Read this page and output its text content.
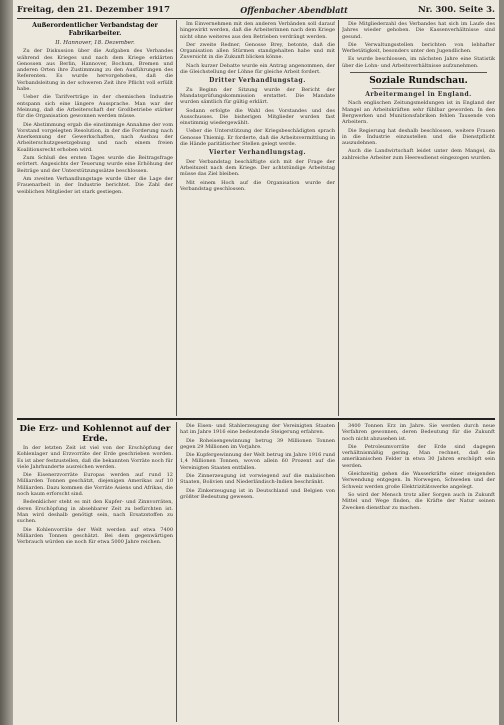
Freitag, den 21. Dezember 1917	Offenbacher Abendblatt	Nr. 300. Seite 3.
Außerordentlicher Verbandstag der Fabrikarbeiter.
II. Hannover, 18. Dezember.

Zu der Diskussion über die Aufgaben des Verbandes während des Krieges und nach dem Kriege erklärten Genossen aus Berlin, Hannover, Bochum, Bremen und anderen Orten ihre Zustimmung zu den Ausführungen des Referenten. Es wurde hervorgehoben, daß die Verbandsleitung in der schweren Zeit ihre Pflicht voll erfüllt habe.

Ueber die Tarifverträge in der chemischen Industrie entspann sich eine längere Aussprache. Man war der Meinung, daß die Arbeiterschaft der Großbetriebe stärker für die Organisation gewonnen werden müsse.

Die Abstimmung ergab die einstimmige Annahme der vom Vorstand vorgelegten Resolution, in der die Forderung nach Anerkennung der Gewerkschaften, nach Ausbau der Arbeiterschutzgesetzgebung und nach einem freien Koalitionsrecht erhoben wird.

Zum Schluß des ersten Tages wurde die Beitragsfrage erörtert. Angesichts der Teuerung wurde eine Erhöhung der Beiträge und der Unterstützungssätze beschlossen.

Am zweiten Verhandlungstage wurde über die Lage der Frauenarbeit in der Industrie berichtet. Die Zahl der weiblichen Mitglieder ist stark gestiegen.

Im Einvernehmen mit den anderen Verbänden soll darauf hingewirkt werden, daß die Arbeiterinnen nach dem Kriege nicht ohne weiteres aus den Betrieben verdrängt werden.

Der zweite Redner, Genosse Brey, betonte, daß die Organisation allen Stürmen standgehalten habe und mit Zuversicht in die Zukunft blicken könne.

Nach kurzer Debatte wurde ein Antrag angenommen, der die Gleichstellung der Löhne für gleiche Arbeit fordert.

Dritter Verhandlungstag.

Zu Beginn der Sitzung wurde der Bericht der Mandatsprüfungskommission erstattet. Die Mandate wurden sämtlich für gültig erklärt.

Sodann erfolgte die Wahl des Vorstandes und des Ausschusses. Die bisherigen Mitglieder wurden fast einstimmig wiedergewählt.

Ueber die Unterstützung der Kriegsbeschädigten sprach Genosse Thiemig. Er forderte, daß die Arbeitsvermittlung in die Hände paritätischer Stellen gelegt werde.

Vierter Verhandlungstag.

Der Verbandstag beschäftigte sich mit der Frage der Arbeitszeit nach dem Kriege. Der achtstündige Arbeitstag müsse das Ziel bleiben.

Mit einem Hoch auf die Organisation wurde der Verbandstag geschlossen.

Die Mitgliederzahl des Verbandes hat sich im Laufe des Jahres wieder gehoben. Die Kassenverhältnisse sind gesund.

Die Verwaltungsstellen berichten von lebhafter Werbetätigkeit, besonders unter den Jugendlichen.

Es wurde beschlossen, im nächsten Jahre eine Statistik über die Lohn- und Arbeitsverhältnisse aufzunehmen.

Soziale Rundschau.
Arbeitermangel in England.

Nach englischen Zeitungsmeldungen ist in England der Mangel an Arbeitskräften sehr fühlbar geworden. In den Bergwerken und Munitionsfabriken fehlen Tausende von Arbeitern.

Die Regierung hat deshalb beschlossen, weitere Frauen in die Industrie einzustellen und die Dienstpflicht auszudehnen.

Auch die Landwirtschaft leidet unter dem Mangel, da zahlreiche Arbeiter zum Heeresdienst eingezogen wurden.

Die Erz- und Kohlennot auf der Erde.

In der letzten Zeit ist viel von der Erschöpfung der Kohlenlager und Erzvorräte der Erde geschrieben worden. Es ist aber festzustellen, daß die bekannten Vorräte noch für viele Jahrhunderte ausreichen werden.

Die Eisenerzvorräte Europas werden auf rund 12 Milliarden Tonnen geschätzt, diejenigen Amerikas auf 10 Milliarden. Dazu kommen die Vorräte Asiens und Afrikas, die noch kaum erforscht sind.

Bedenklicher steht es mit den Kupfer- und Zinnvorräten, deren Erschöpfung in absehbarer Zeit zu befürchten ist. Man wird deshalb genötigt sein, nach Ersatzstoffen zu suchen.

Die Kohlenvorräte der Welt werden auf etwa 7400 Milliarden Tonnen geschätzt. Bei dem gegenwärtigen Verbrauch würden sie noch für etwa 5000 Jahre reichen.

Die Eisen- und Stahlerzeugung der Vereinigten Staaten hat im Jahre 1916 eine bedeutende Steigerung erfahren.

Die Roheisengewinnung betrug 39 Millionen Tonnen gegen 29 Millionen im Vorjahre.

Die Kupfergewinnung der Welt betrug im Jahre 1916 rund 1,4 Millionen Tonnen, wovon allein 60 Prozent auf die Vereinigten Staaten entfallen.

Die Zinnerzeugung ist vorwiegend auf die malaiischen Staaten, Bolivien und Niederländisch-Indien beschränkt.

Die Zinkerzeugung ist in Deutschland und Belgien von größter Bedeutung gewesen.

3400 Tonnen Erz im Jahre. Sie werden durch neue Verfahren gewonnen, deren Bedeutung für die Zukunft noch nicht abzusehen ist.

Die Petroleumvorräte der Erde sind dagegen verhältnismäßig gering. Man rechnet, daß die amerikanischen Felder in etwa 30 Jahren erschöpft sein werden.

Gleichzeitig gehen die Wasserkräfte einer steigenden Verwendung entgegen. In Norwegen, Schweden und der Schweiz werden große Elektrizitätswerke angelegt.

So wird der Mensch trotz aller Sorgen auch in Zukunft Mittel und Wege finden, die Kräfte der Natur seinen Zwecken dienstbar zu machen.
